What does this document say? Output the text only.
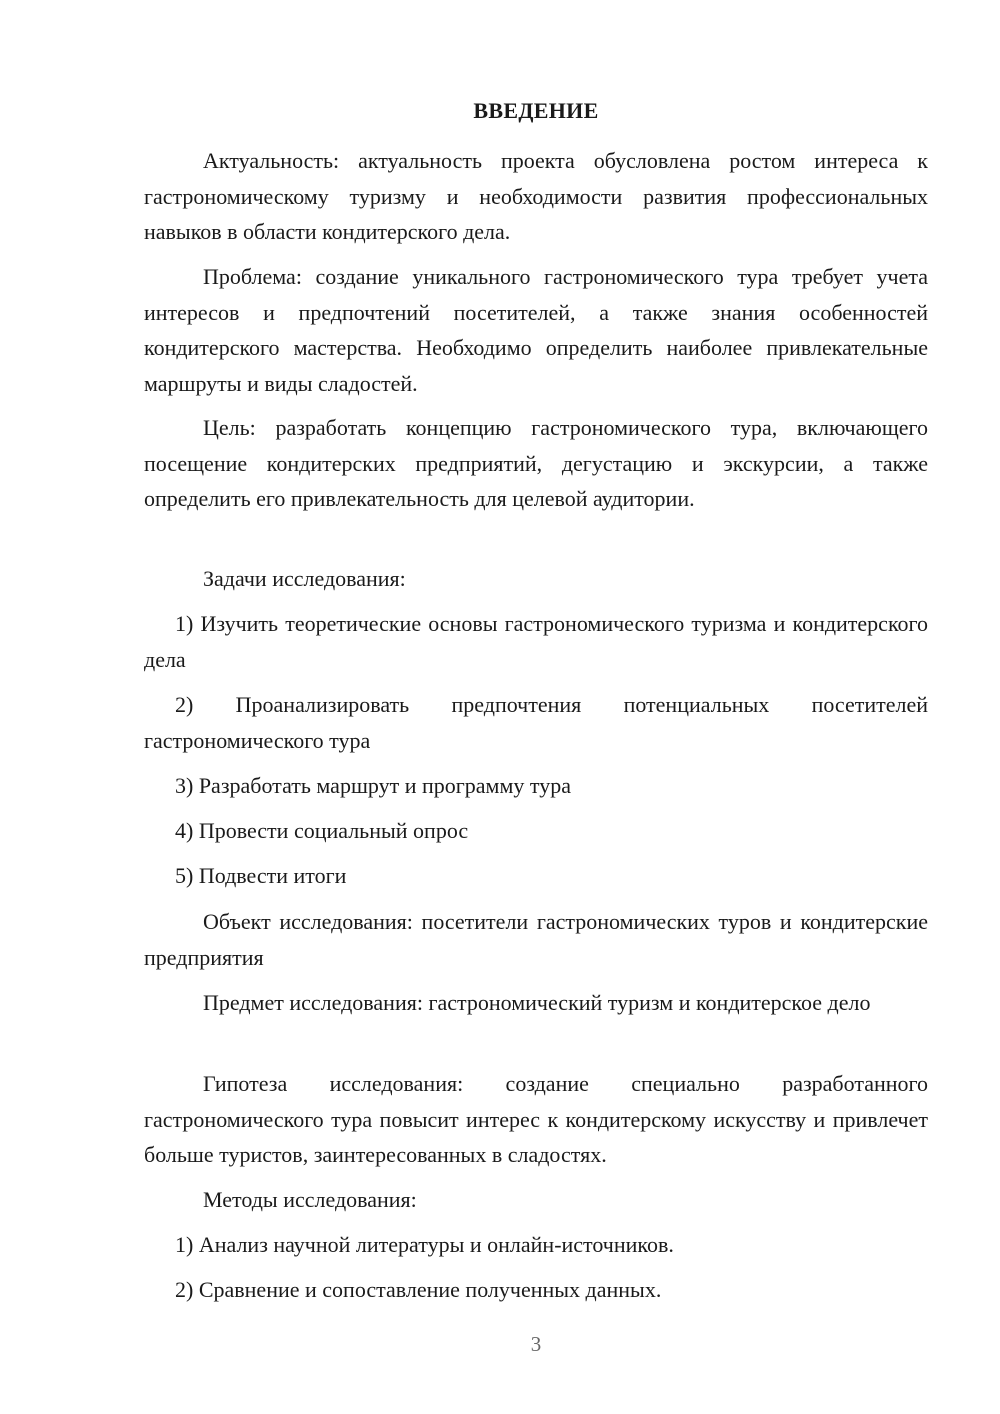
ВВЕДЕНИЕ

Актуальность: актуальность проекта обусловлена ростом интереса к гастрономическому туризму и необходимости развития профессиональных навыков в области кондитерского дела.

Проблема: создание уникального гастрономического тура требует учета интересов и предпочтений посетителей, а также знания особенностей кондитерского мастерства. Необходимо определить наиболее привлекательные маршруты и виды сладостей.

Цель: разработать концепцию гастрономического тура, включающего посещение кондитерских предприятий, дегустацию и экскурсии, а также определить его привлекательность для целевой аудитории.

Задачи исследования:

1) Изучить теоретические основы гастрономического туризма и кондитерского дела

2) Проанализировать предпочтения потенциальных посетителей гастрономического тура

3) Разработать маршрут и программу тура

4) Провести социальный опрос

5) Подвести итоги

Объект исследования: посетители гастрономических туров и кондитерские предприятия

Предмет исследования: гастрономический туризм и кондитерское дело

Гипотеза исследования: создание специально разработанного гастрономического тура повысит интерес к кондитерскому искусству и привлечет больше туристов, заинтересованных в сладостях.

Методы исследования:

1) Анализ научной литературы и онлайн-источников.

2) Сравнение и сопоставление полученных данных.

3
